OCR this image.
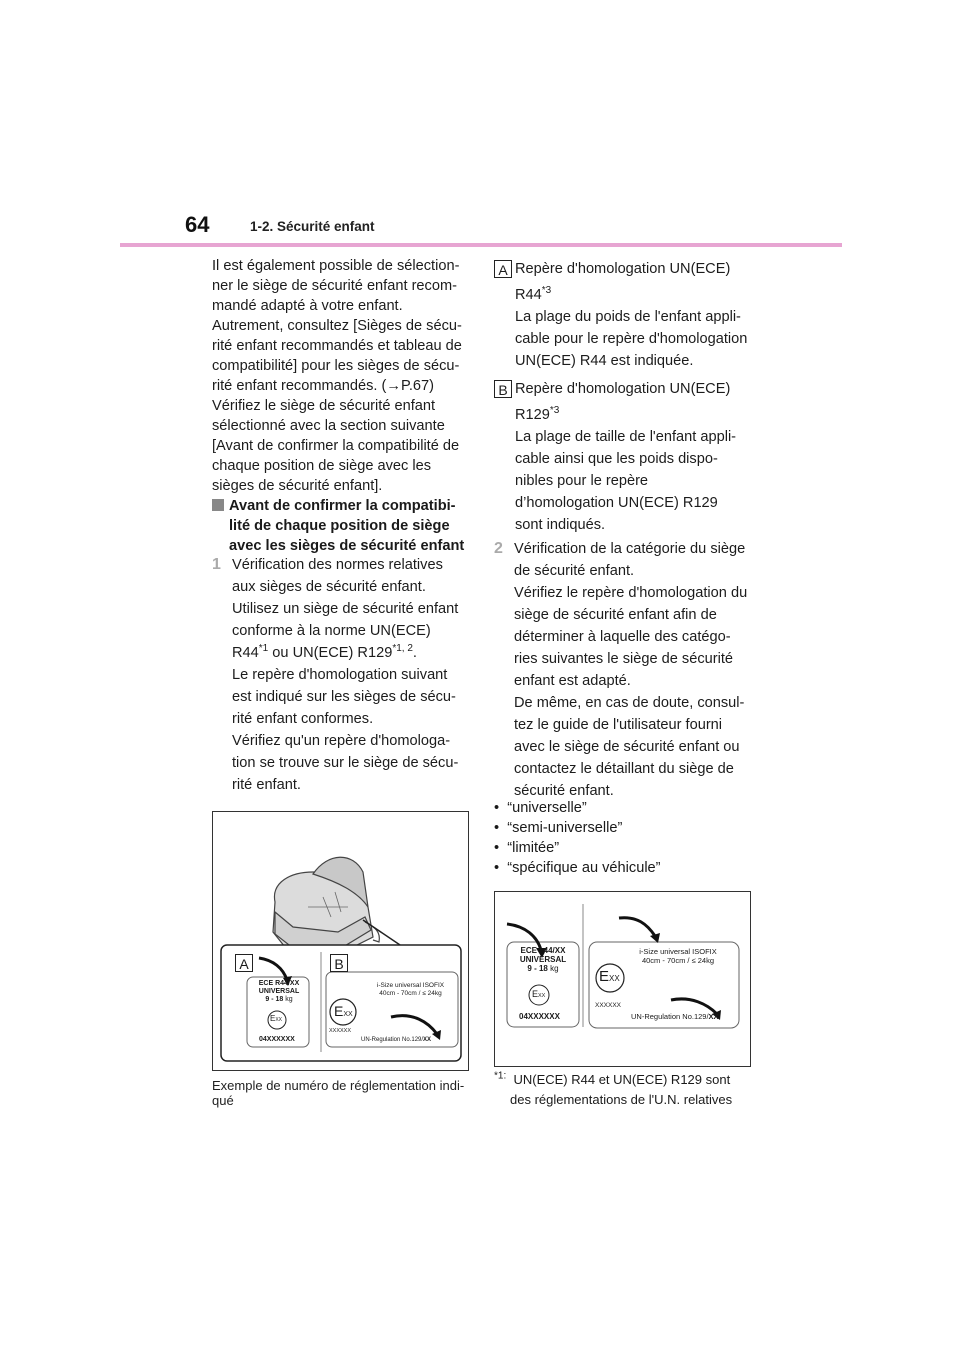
64	1-2. Sécurité enfant
Il est également possible de sélection-
ner le siège de sécurité enfant recom-
mandé adapté à votre enfant.
Autrement, consultez [Sièges de sécu-
rité enfant recommandés et tableau de
compatibilité] pour les sièges de sécu-
rité enfant recommandés. (→P.67)
Vérifiez le siège de sécurité enfant
sélectionné avec la section suivante
[Avant de confirmer la compatibilité de
chaque position de siège avec les
sièges de sécurité enfant].
Avant de confirmer la compatibi-
lité de chaque position de siège
avec les sièges de sécurité enfant
1 Vérification des normes relatives
aux sièges de sécurité enfant.
Utilisez un siège de sécurité enfant
conforme à la norme UN(ECE)
R44$^{*1}$ ou UN(ECE) R129$^{*1, 2}$.
Le repère d'homologation suivant
est indiqué sur les sièges de sécu-
rité enfant conformes.
Vérifiez qu'un repère d'homologa-
tion se trouve sur le siège de sécu-
rité enfant.
A	B
ECE R44/XX
UNIVERSAL
9 - 18 kg
EXX
04XXXXXX
i-Size universal ISOFIX
40cm - 70cm / ≤ 24kg
EXX
XXXXXX
UN-Regulation No.129/XX
Exemple de numéro de réglementation indi-
qué
A Repère d'homologation UN(ECE)
R44$^{*3}$
La plage du poids de l'enfant appli-
cable pour le repère d'homologation
UN(ECE) R44 est indiquée.
B Repère d'homologation UN(ECE)
R129$^{*3}$
La plage de taille de l'enfant appli-
cable ainsi que les poids dispo-
nibles pour le repère
d’homologation UN(ECE) R129
sont indiqués.
2 Vérification de la catégorie du siège
de sécurité enfant.
Vérifiez le repère d'homologation du
siège de sécurité enfant afin de
déterminer à laquelle des catégo-
ries suivantes le siège de sécurité
enfant est adapté.
De même, en cas de doute, consul-
tez le guide de l'utilisateur fourni
avec le siège de sécurité enfant ou
contactez le détaillant du siège de
sécurité enfant.
•  “universelle”
•  “semi-universelle”
•  “limitée”
•  “spécifique au véhicule”
ECE 44/XX
UNIVERSAL
9 - 18 kg
EXX
04XXXXXX
i-Size universal ISOFIX
40cm - 70cm / ≤ 24kg
EXX
XXXXXX
UN-Regulation No.129/XX
$^{*1:}$ UN(ECE) R44 et UN(ECE) R129 sont
des réglementations de l'U.N. relatives
